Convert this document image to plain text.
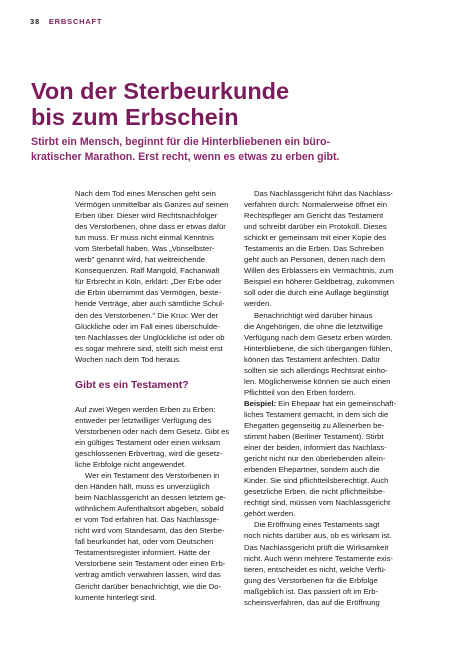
38 ERBSCHAFT
Von der Sterbeurkunde
bis zum Erbschein

Stirbt ein Mensch, beginnt für die Hinterbliebenen ein büro-
kratischer Marathon. Erst recht, wenn es etwas zu erben gibt.

Nach dem Tod eines Menschen geht sein
Vermögen unmittelbar als Ganzes auf seinen
Erben über. Dieser wird Rechtsnachfolger
des Verstorbenen, ohne dass er etwas dafür
tun muss. Er muss nicht einmal Kenntnis
vom Sterbefall haben. Was „Vonselbster-
werb" genannt wird, hat weitreichende
Konsequenzen. Ralf Mangold, Fachanwalt
für Erbrecht in Köln, erklärt: „Der Erbe oder
die Erbin übernimmt das Vermögen, beste-
hende Verträge, aber auch sämtliche Schul-
den des Verstorbenen." Die Krux: Wer der
Glückliche oder im Fall eines überschulde-
ten Nachlasses der Unglückliche ist oder ob
es sogar mehrere sind, stellt sich meist erst
Wochen nach dem Tod heraus.
Gibt es ein Testament?
Auf zwei Wegen werden Erben zu Erben:
entweder per letztwilliger Verfügung des
Verstorbenen oder nach dem Gesetz. Gibt es
ein gültiges Testament oder einen wirksam
geschlossenen Erbvertrag, wird die gesetz-
liche Erbfolge nicht angewendet.
Wer ein Testament des Verstorbenen in
den Händen hält, muss es unverzüglich
beim Nachlassgericht an dessen letztem ge-
wöhnlichem Aufenthaltsort abgeben, sobald
er vom Tod erfahren hat. Das Nachlassge-
richt wird vom Standesamt, das den Sterbe-
fall beurkundet hat, oder vom Deutschen
Testamentsregister informiert. Hatte der
Verstorbene sein Testament oder einen Erb-
vertrag amtlich verwahren lassen, wird das
Gericht darüber benachrichtigt, wie die Do-
kumente hinterlegt sind.
Das Nachlassgericht führt das Nachlass-
verfahren durch: Normalerweise öffnet ein
Rechtspfleger am Gericht das Testament
und schreibt darüber ein Protokoll. Dieses
schickt er gemeinsam mit einer Kopie des
Testaments an die Erben. Das Schreiben
geht auch an Personen, denen nach dem
Willen des Erblassers ein Vermächtnis, zum
Beispiel ein höherer Geldbetrag, zukommen
soll oder die durch eine Auflage begünstigt
werden.
Benachrichtigt wird darüber hinaus
die Angehörigen, die ohne die letztwillige
Verfügung nach dem Gesetz erben würden.
Hinterbliebene, die sich übergangen fühlen,
können das Testament anfechten. Dafür
sollten sie sich allerdings Rechtsrat einho-
len. Möglicherweise können sie auch einen
Pflichtteil von den Erben fordern.
Beispiel: Ein Ehepaar hat ein gemeinschaft-
liches Testament gemacht, in dem sich die
Ehegatten gegenseitig zu Alleinerben be-
stimmt haben (Berliner Testament). Stirbt
einer der beiden, informiert das Nachlass-
gericht nicht nur den überlebenden allein-
erbenden Ehepartner, sondern auch die
Kinder. Sie sind pflichtteilsberechtigt. Auch
gesetzliche Erben, die nicht pflichtteilsbe-
rechtigt sind, müssen vom Nachlassgericht
gehört werden.
Die Eröffnung eines Testaments sagt
noch nichts darüber aus, ob es wirksam ist.
Das Nachlassgericht prüft die Wirksamkeit
nicht. Auch wenn mehrere Testamente exis-
tieren, entscheidet es nicht, welche Verfü-
gung des Verstorbenen für die Erbfolge
maßgeblich ist. Das passiert oft im Erb-
scheinsverfahren, das auf die Eröffnung
